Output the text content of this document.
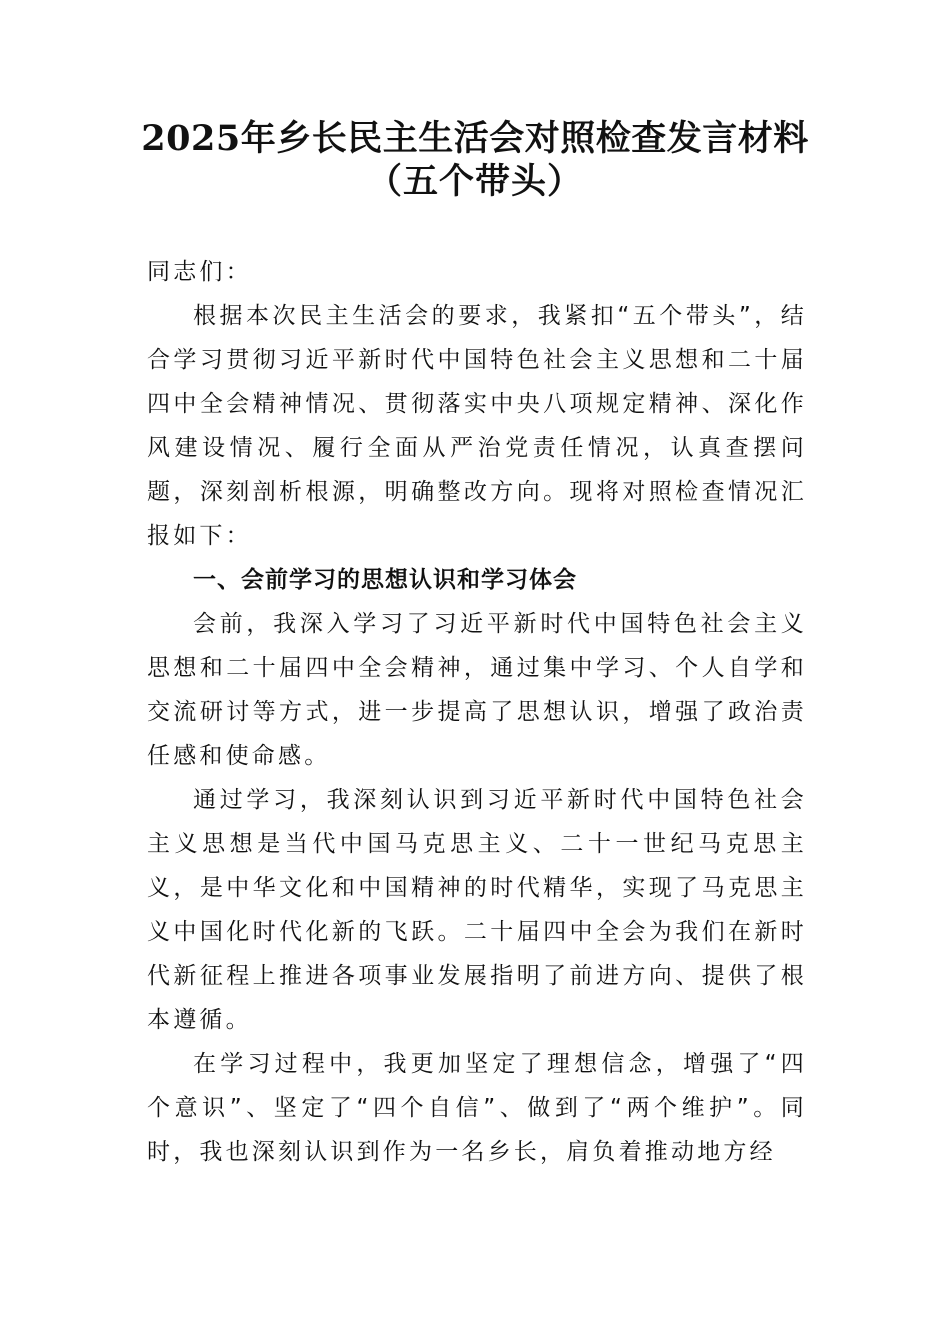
2025年乡长民主生活会对照检查发言材料
（五个带头）

同志们：

根据本次民主生活会的要求，我紧扣“五个带头”，结合学习贯彻习近平新时代中国特色社会主义思想和二十届四中全会精神情况、贯彻落实中央八项规定精神、深化作风建设情况、履行全面从严治党责任情况，认真查摆问题，深刻剖析根源，明确整改方向。现将对照检查情况汇报如下：

一、会前学习的思想认识和学习体会

会前，我深入学习了习近平新时代中国特色社会主义思想和二十届四中全会精神，通过集中学习、个人自学和交流研讨等方式，进一步提高了思想认识，增强了政治责任感和使命感。

通过学习，我深刻认识到习近平新时代中国特色社会主义思想是当代中国马克思主义、二十一世纪马克思主义，是中华文化和中国精神的时代精华，实现了马克思主义中国化时代化新的飞跃。二十届四中全会为我们在新时代新征程上推进各项事业发展指明了前进方向、提供了根本遵循。

在学习过程中，我更加坚定了理想信念，增强了“四个意识”、坚定了“四个自信”、做到了“两个维护”。同时，我也深刻认识到作为一名乡长，肩负着推动地方经
